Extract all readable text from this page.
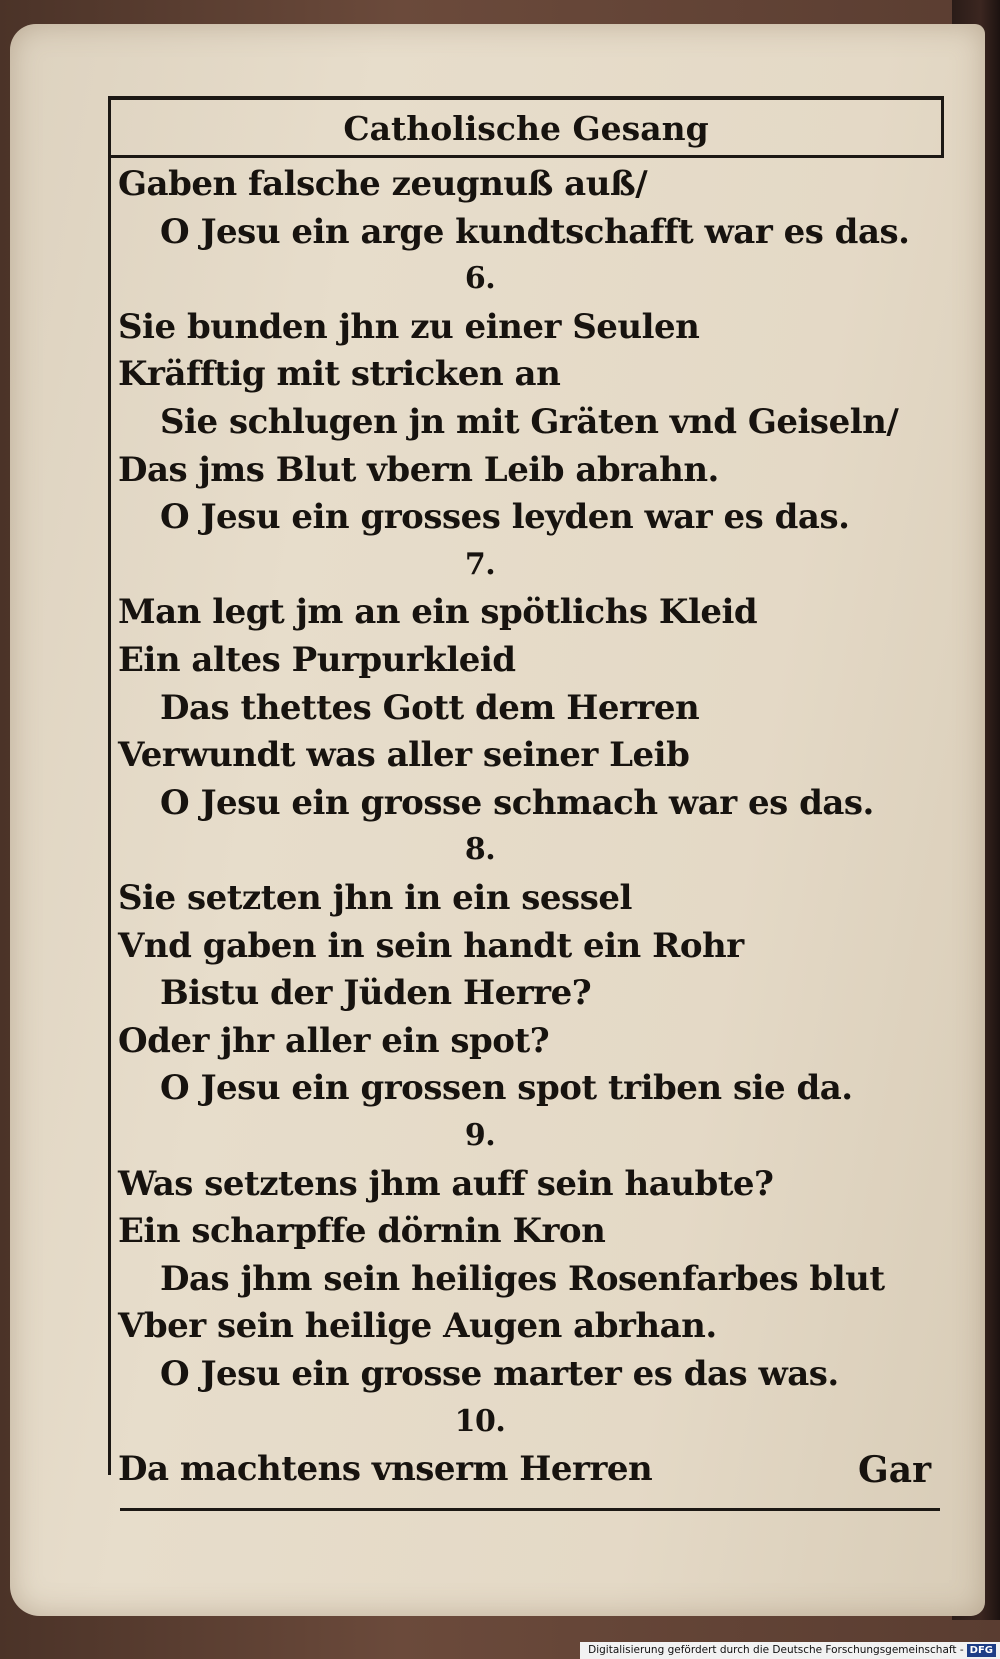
Catholische Gesang
Gaben falsche zeugnuß auß/
O Jesu ein arge kundtschafft war es das.
6.
Sie bunden jhn zu einer Seulen
Kräfftig mit stricken an
Sie schlugen jn mit Gräten vnd Geiseln/
Das jms Blut vbern Leib abrahn.
O Jesu ein grosses leyden war es das.
7.
Man legt jm an ein spötlichs Kleid
Ein altes Purpurkleid
Das thettes Gott dem Herren
Verwundt was aller seiner Leib
O Jesu ein grosse schmach war es das.
8.
Sie setzten jhn in ein sessel
Vnd gaben in sein handt ein Rohr
Bistu der Jüden Herre?
Oder jhr aller ein spot?
O Jesu ein grossen spot triben sie da.
9.
Was setztens jhm auff sein haubte?
Ein scharpffe dörnin Kron
Das jhm sein heiliges Rosenfarbes blut
Vber sein heilige Augen abrhan.
O Jesu ein grosse marter es das was.
10.
Da machtens vnserm Herren	Gar
Digitalisierung gefördert durch die Deutsche Forschungsgemeinschaft - DFG
